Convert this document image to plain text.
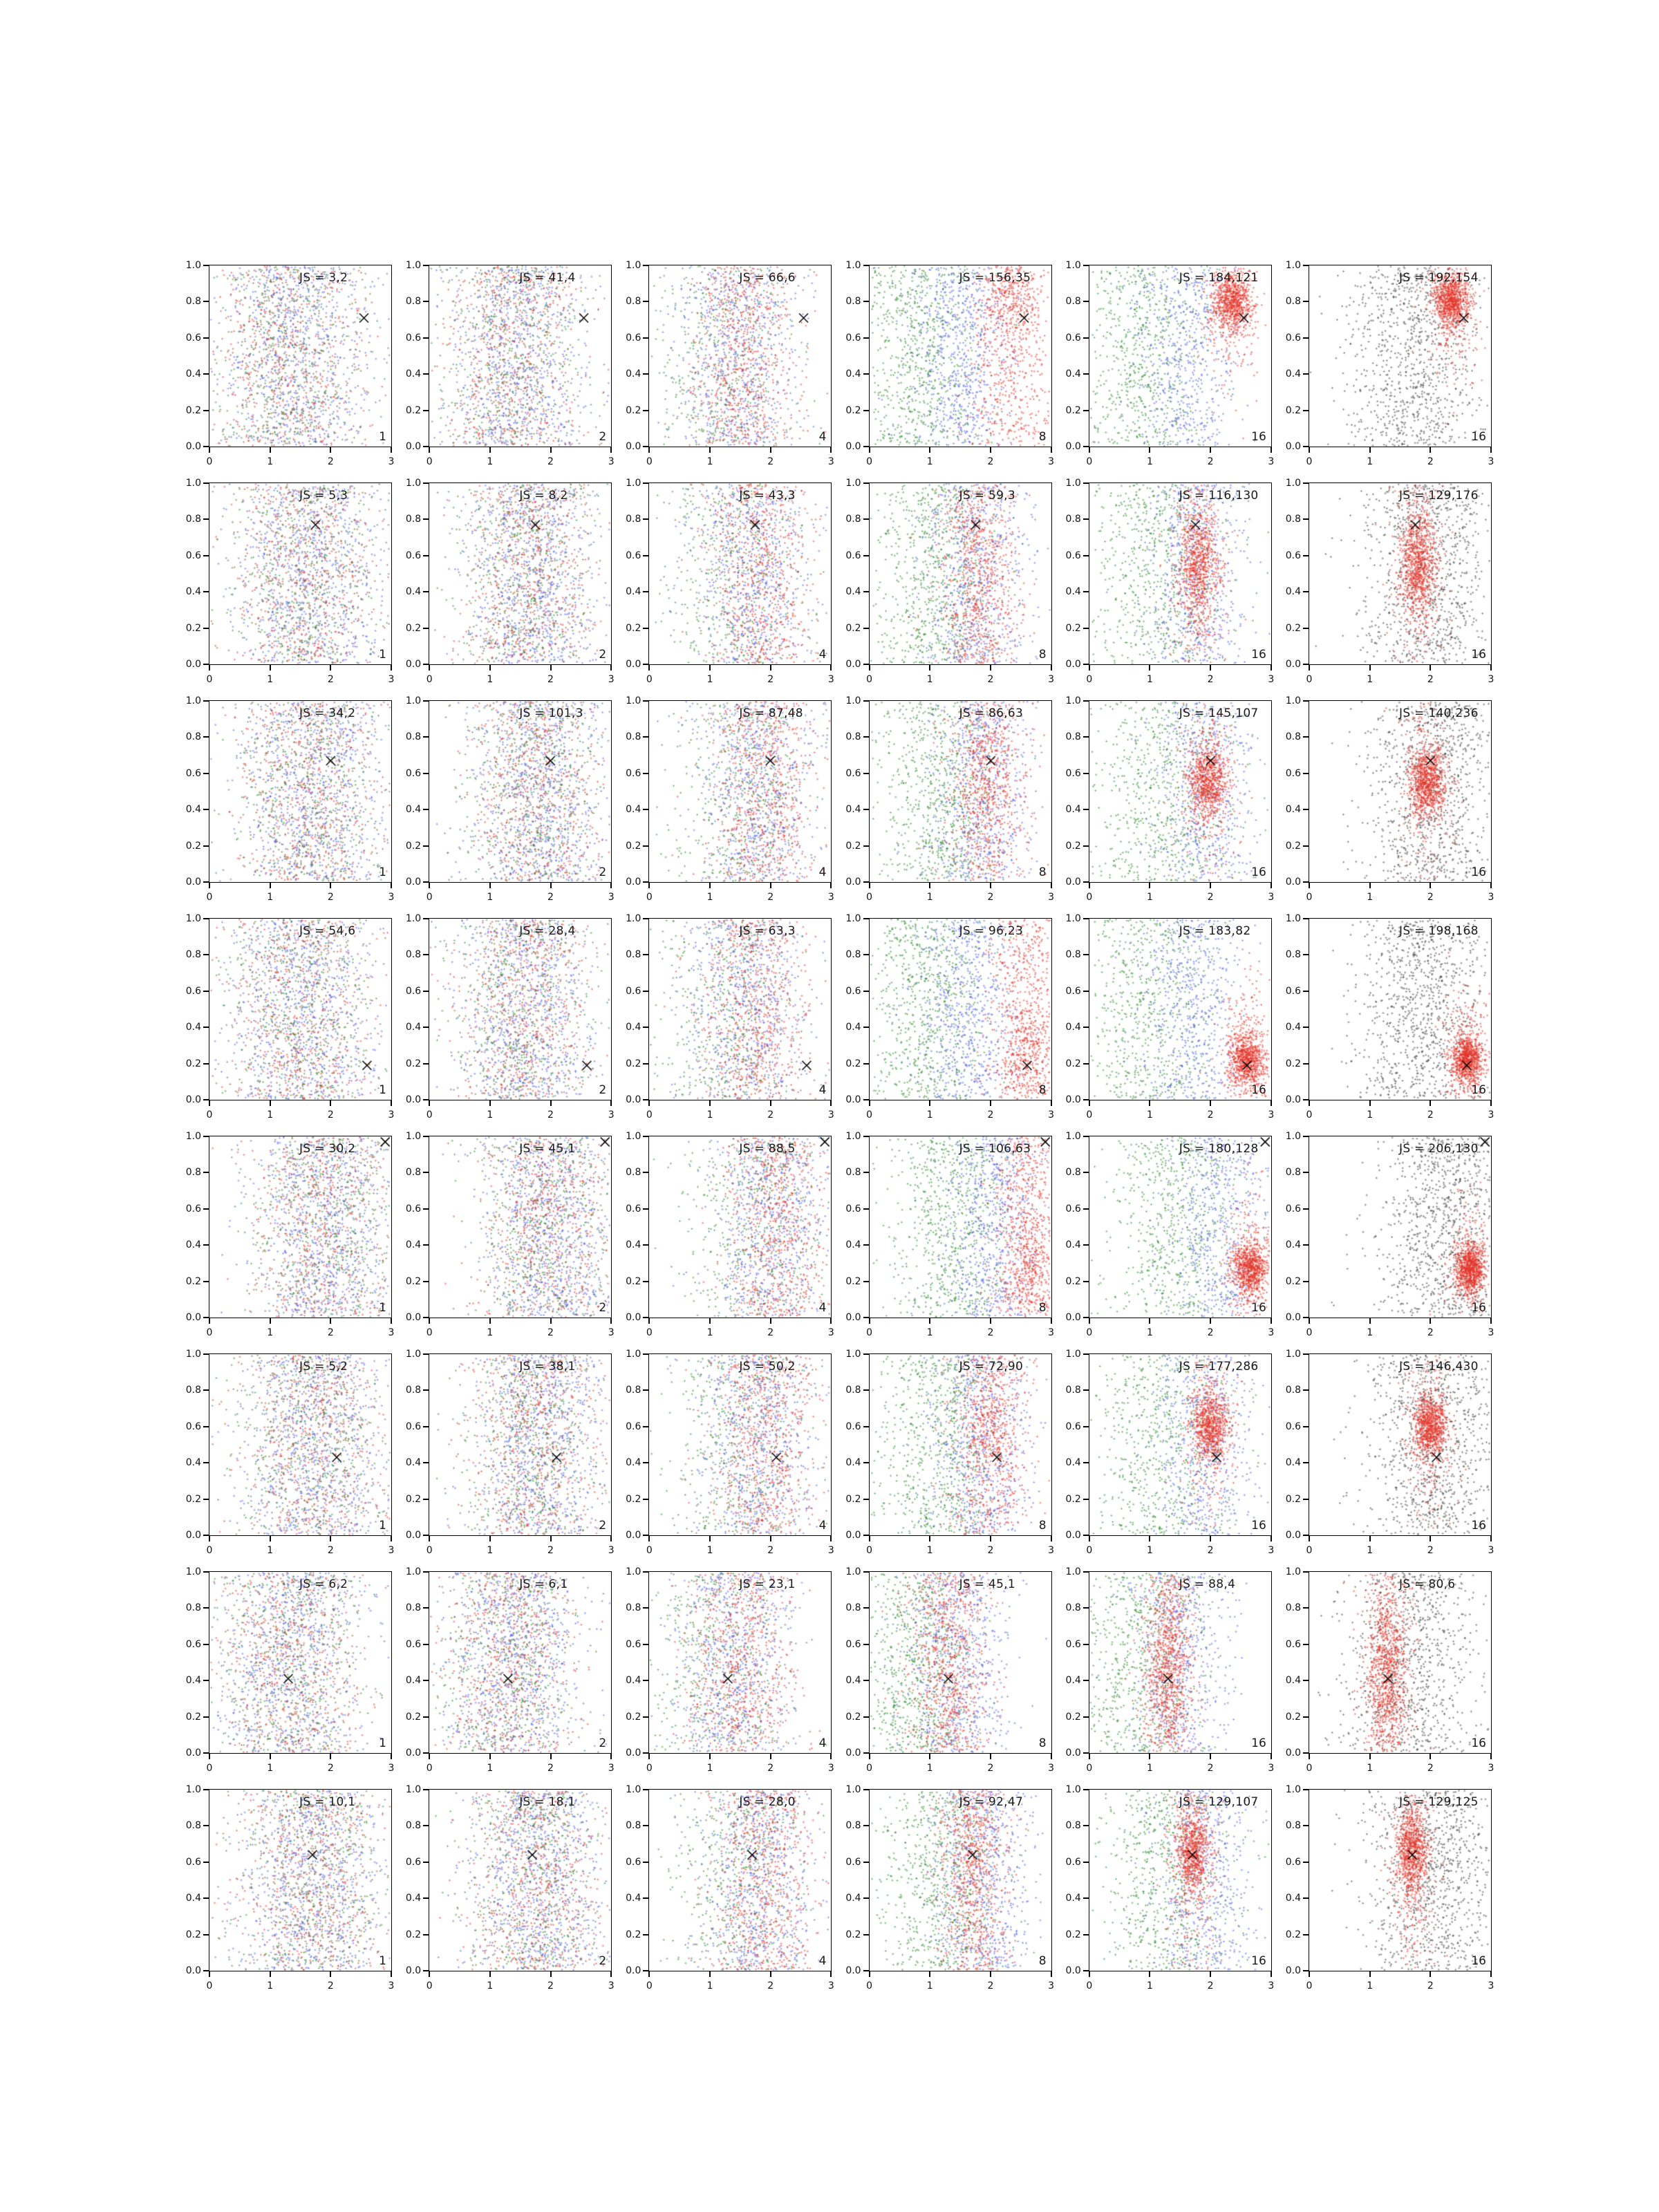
0.0
0.2
0.4
0.6
0.8
1.0
0	1	2	3
JS = 3,2
1
0.0
0.2
0.4
0.6
0.8
1.0
0	1	2	3
JS = 41,4
2
0.0
0.2
0.4
0.6
0.8
1.0
0	1	2	3
JS = 66,6
4
0.0
0.2
0.4
0.6
0.8
1.0
0	1	2	3
JS = 156,35
8
0.0
0.2
0.4
0.6
0.8
1.0
0	1	2	3
JS = 184,121
16
0.0
0.2
0.4
0.6
0.8
1.0
0	1	2	3
JS = 192,154
16
0.0
0.2
0.4
0.6
0.8
1.0
0	1	2	3
JS = 5,3
1
0.0
0.2
0.4
0.6
0.8
1.0
0	1	2	3
JS = 8,2
2
0.0
0.2
0.4
0.6
0.8
1.0
0	1	2	3
JS = 43,3
4
0.0
0.2
0.4
0.6
0.8
1.0
0	1	2	3
JS = 59,3
8
0.0
0.2
0.4
0.6
0.8
1.0
0	1	2	3
JS = 116,130
16
0.0
0.2
0.4
0.6
0.8
1.0
0	1	2	3
JS = 129,176
16
0.0
0.2
0.4
0.6
0.8
1.0
0	1	2	3
JS = 34,2
1
0.0
0.2
0.4
0.6
0.8
1.0
0	1	2	3
JS = 101,3
2
0.0
0.2
0.4
0.6
0.8
1.0
0	1	2	3
JS = 87,48
4
0.0
0.2
0.4
0.6
0.8
1.0
0	1	2	3
JS = 86,63
8
0.0
0.2
0.4
0.6
0.8
1.0
0	1	2	3
JS = 145,107
16
0.0
0.2
0.4
0.6
0.8
1.0
0	1	2	3
JS = 140,236
16
0.0
0.2
0.4
0.6
0.8
1.0
0	1	2	3
JS = 54,6
1
0.0
0.2
0.4
0.6
0.8
1.0
0	1	2	3
JS = 28,4
2
0.0
0.2
0.4
0.6
0.8
1.0
0	1	2	3
JS = 63,3
4
0.0
0.2
0.4
0.6
0.8
1.0
0	1	2	3
JS = 96,23
8
0.0
0.2
0.4
0.6
0.8
1.0
0	1	2	3
JS = 183,82
16
0.0
0.2
0.4
0.6
0.8
1.0
0	1	2	3
JS = 198,168
16
0.0
0.2
0.4
0.6
0.8
1.0
0	1	2	3
JS = 30,2
1
0.0
0.2
0.4
0.6
0.8
1.0
0	1	2	3
JS = 45,1
2
0.0
0.2
0.4
0.6
0.8
1.0
0	1	2	3
JS = 88,5
4
0.0
0.2
0.4
0.6
0.8
1.0
0	1	2	3
JS = 106,63
8
0.0
0.2
0.4
0.6
0.8
1.0
0	1	2	3
JS = 180,128
16
0.0
0.2
0.4
0.6
0.8
1.0
0	1	2	3
JS = 206,130
16
0.0
0.2
0.4
0.6
0.8
1.0
0	1	2	3
JS = 5,2
1
0.0
0.2
0.4
0.6
0.8
1.0
0	1	2	3
JS = 38,1
2
0.0
0.2
0.4
0.6
0.8
1.0
0	1	2	3
JS = 50,2
4
0.0
0.2
0.4
0.6
0.8
1.0
0	1	2	3
JS = 72,90
8
0.0
0.2
0.4
0.6
0.8
1.0
0	1	2	3
JS = 177,286
16
0.0
0.2
0.4
0.6
0.8
1.0
0	1	2	3
JS = 146,430
16
0.0
0.2
0.4
0.6
0.8
1.0
0	1	2	3
JS = 6,2
1
0.0
0.2
0.4
0.6
0.8
1.0
0	1	2	3
JS = 6,1
2
0.0
0.2
0.4
0.6
0.8
1.0
0	1	2	3
JS = 23,1
4
0.0
0.2
0.4
0.6
0.8
1.0
0	1	2	3
JS = 45,1
8
0.0
0.2
0.4
0.6
0.8
1.0
0	1	2	3
JS = 88,4
16
0.0
0.2
0.4
0.6
0.8
1.0
0	1	2	3
JS = 80,6
16
0.0
0.2
0.4
0.6
0.8
1.0
0	1	2	3
JS = 10,1
1
0.0
0.2
0.4
0.6
0.8
1.0
0	1	2	3
JS = 18,1
2
0.0
0.2
0.4
0.6
0.8
1.0
0	1	2	3
JS = 28,0
4
0.0
0.2
0.4
0.6
0.8
1.0
0	1	2	3
JS = 92,47
8
0.0
0.2
0.4
0.6
0.8
1.0
0	1	2	3
JS = 129,107
16
0.0
0.2
0.4
0.6
0.8
1.0
0	1	2	3
JS = 129,125
16
